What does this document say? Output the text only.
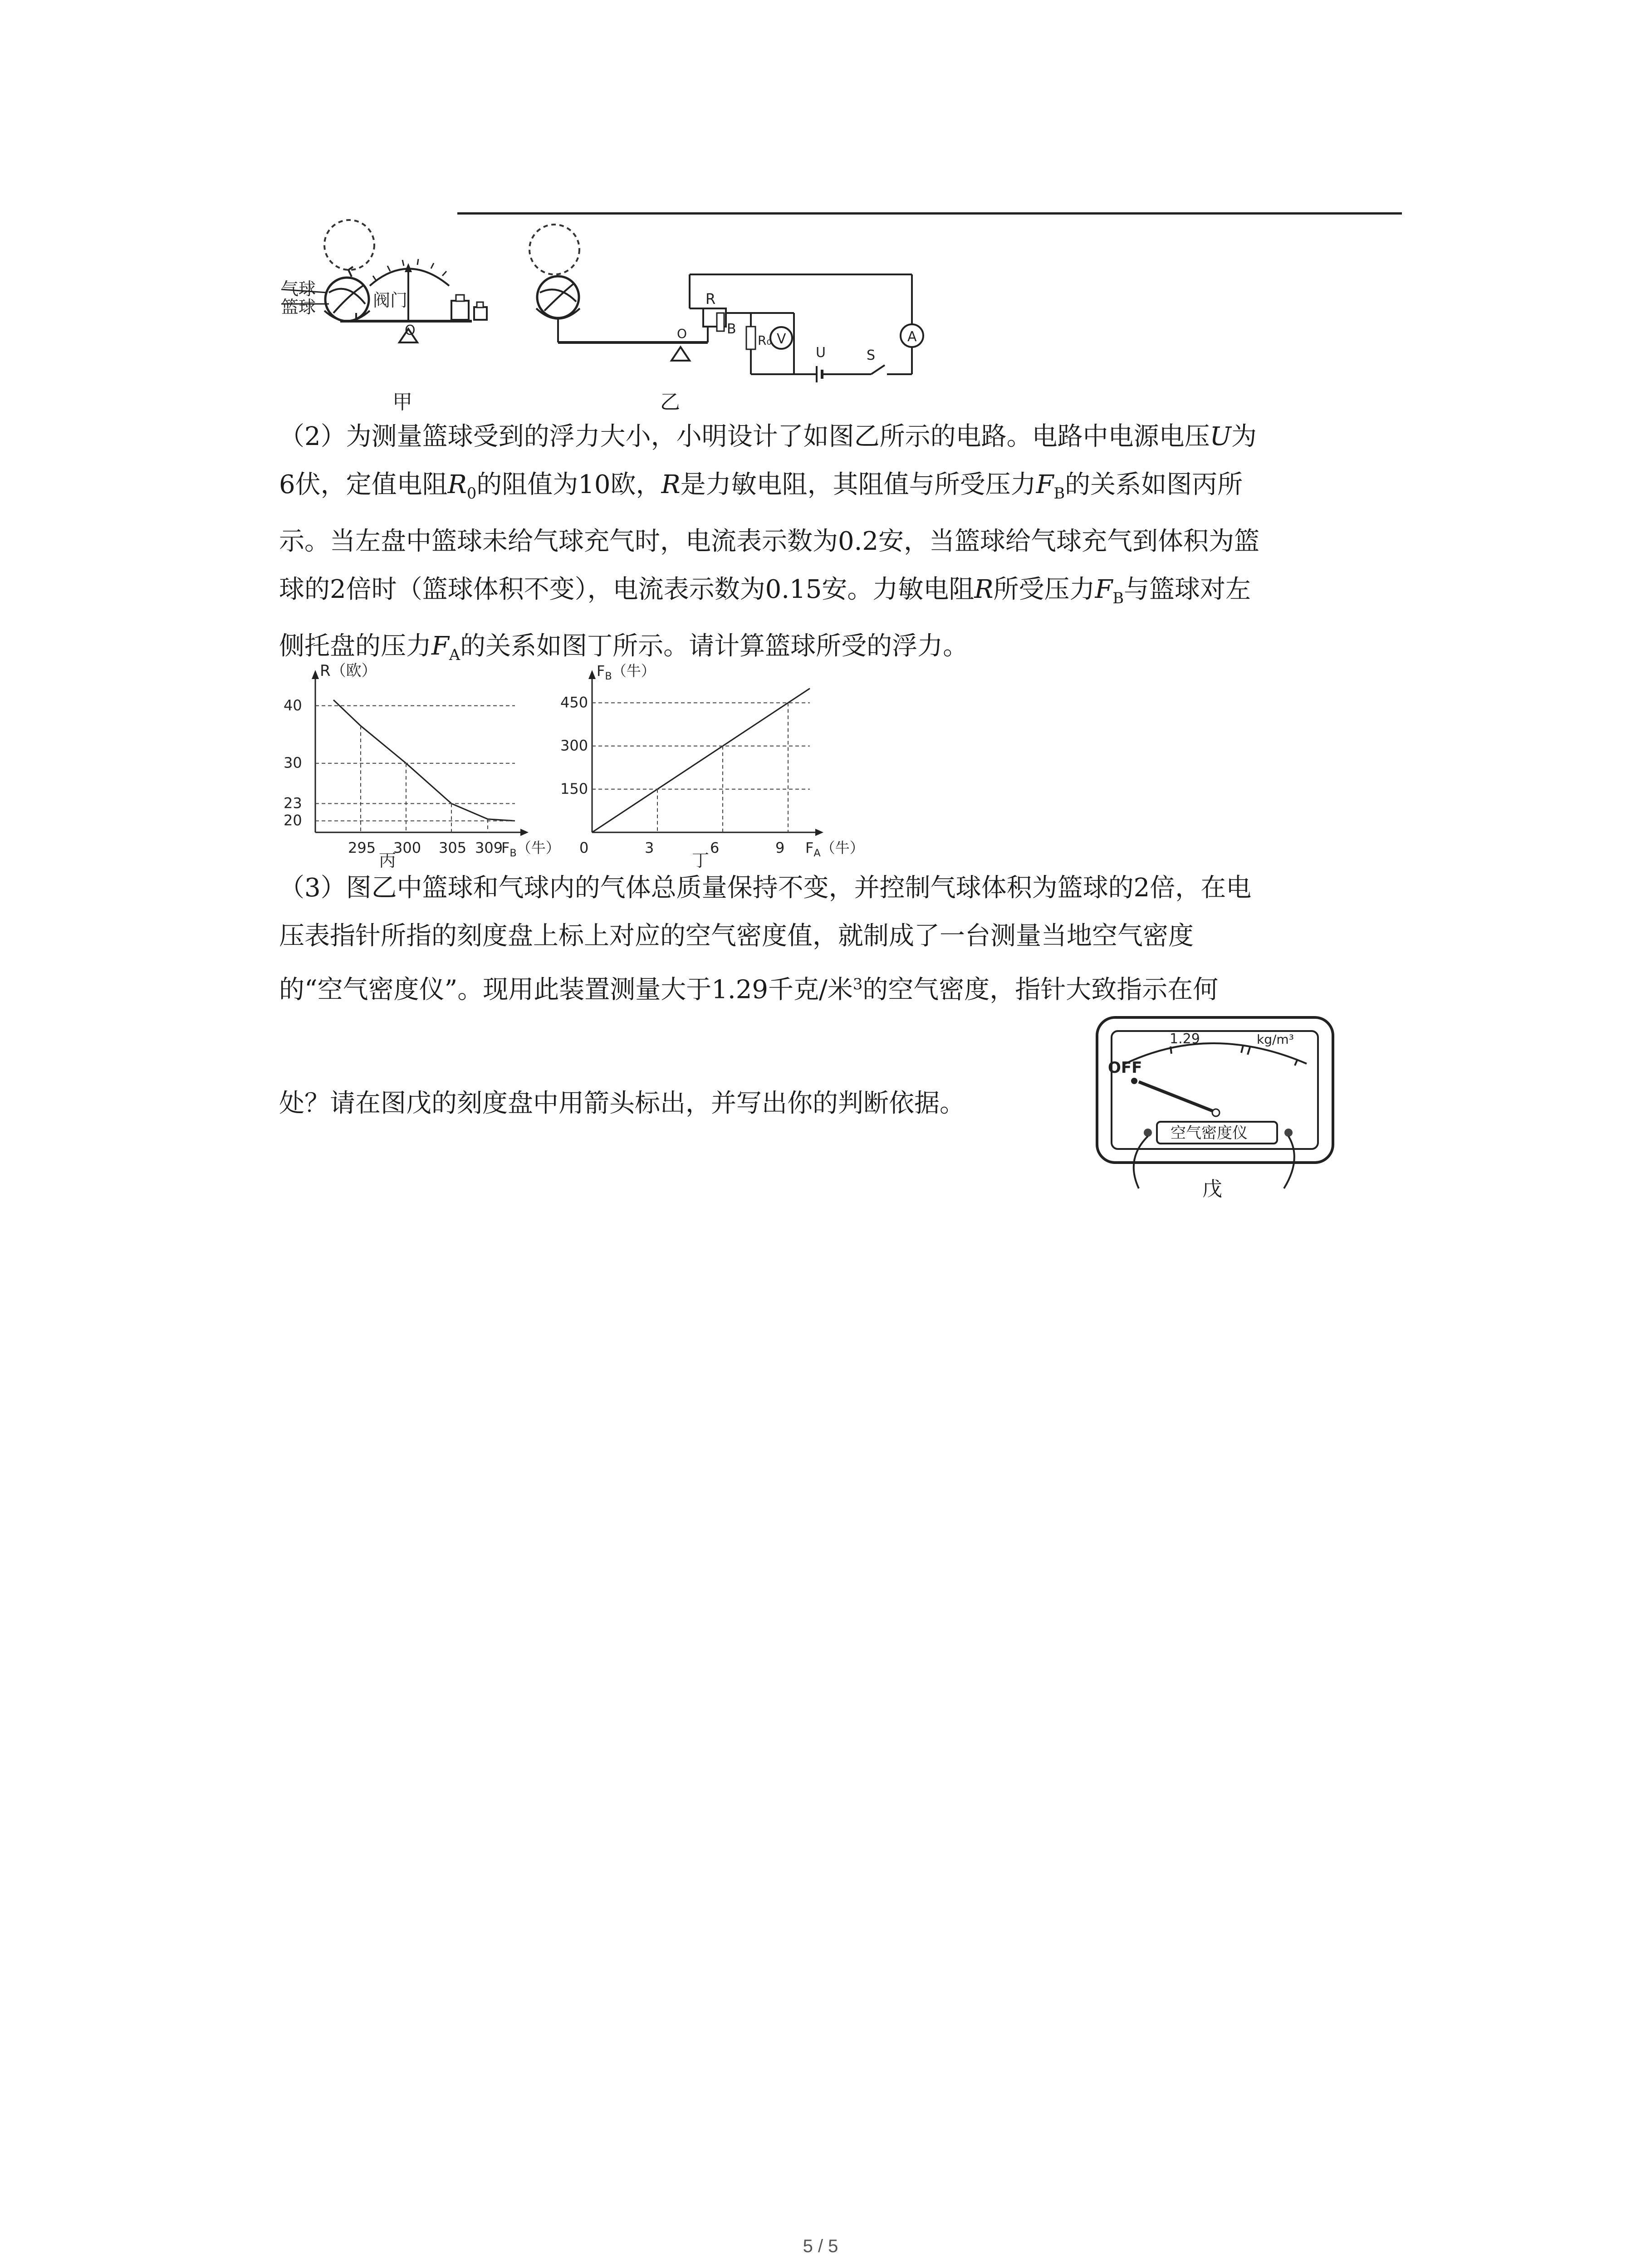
气球
篮球	阀门
O
甲
R
B
R₀ V
U	S
A
O
乙
（2）为测量篮球受到的浮力大小，小明设计了如图乙所示的电路。电路中电源电压U为
6伏，定值电阻$R_0$的阻值为10欧，R是力敏电阻，其阻值与所受压力$F_B$的关系如图丙所
示。当左盘中篮球未给气球充气时，电流表示数为0.2安，当篮球给气球充气到体积为篮
球的2倍时（篮球体积不变），电流表示数为0.15安。力敏电阻R所受压力$F_B$与篮球对左
侧托盘的压力$F_A$的关系如图丁所示。请计算篮球所受的浮力。
295 300 305 309
40
30
23
20
R（欧）
$F_B$（牛）
丙
0	3	6	9
450
300
150
$F_B$（牛）
$F_A$（牛）
丁
（3）图乙中篮球和气球内的气体总质量保持不变，并控制气球体积为篮球的2倍，在电
压表指针所指的刻度盘上标上对应的空气密度值，就制成了一台测量当地空气密度
的“空气密度仪”。现用此装置测量大于1.29千克/米$^3$的空气密度，指针大致指示在何
处？请在图戊的刻度盘中用箭头标出，并写出你的判断依据。
OFF
1.29	kg/m³
空气密度仪
戊
5 / 5
